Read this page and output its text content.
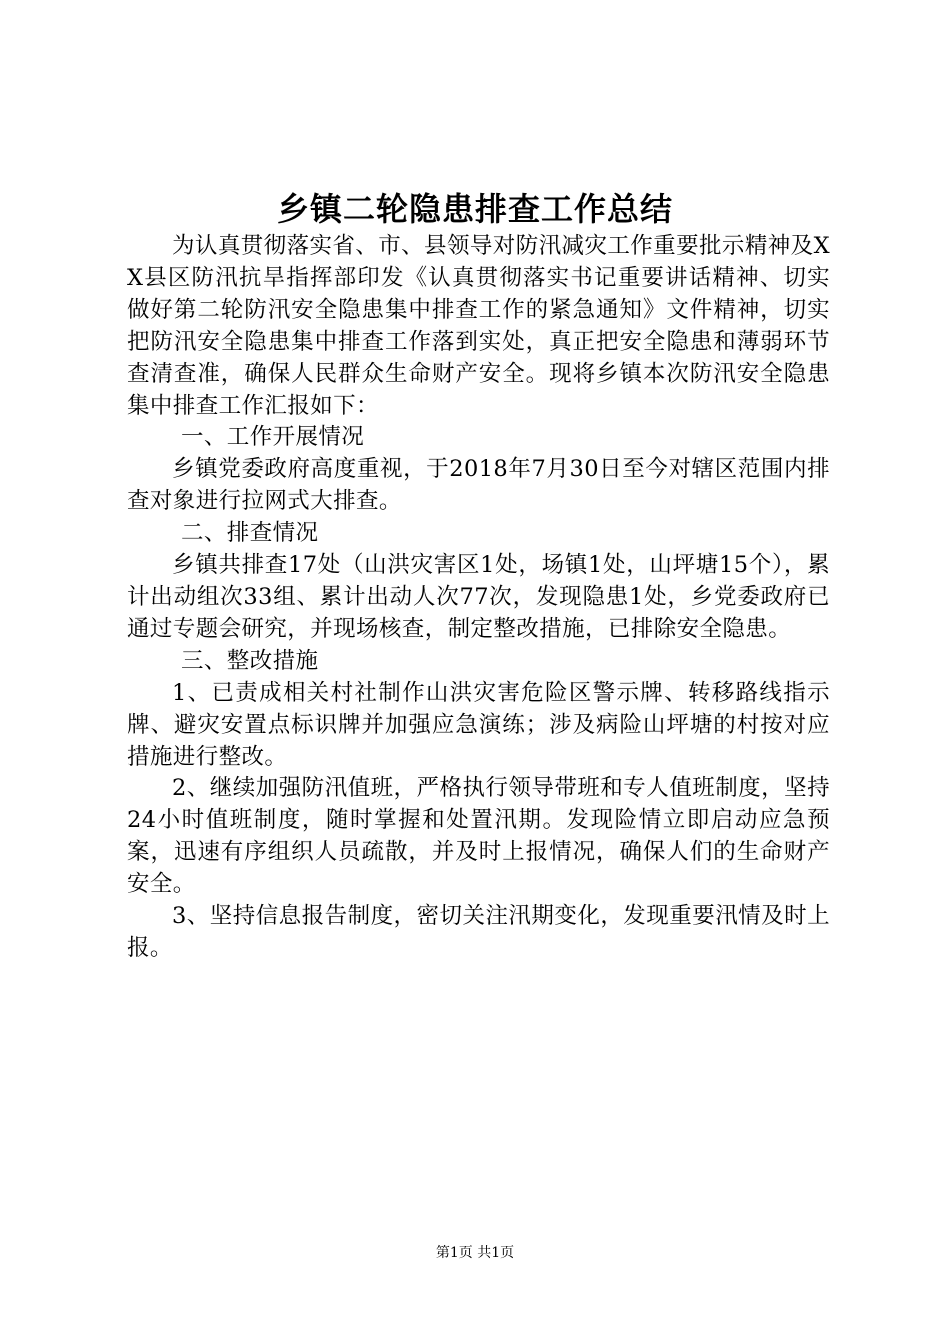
乡镇二轮隐患排查工作总结

为认真贯彻落实省、市、县领导对防汛减灾工作重要批示精神及XX县区防汛抗旱指挥部印发《认真贯彻落实书记重要讲话精神、切实做好第二轮防汛安全隐患集中排查工作的紧急通知》文件精神，切实把防汛安全隐患集中排查工作落到实处，真正把安全隐患和薄弱环节查清查准，确保人民群众生命财产安全。现将乡镇本次防汛安全隐患集中排查工作汇报如下：

一、工作开展情况

乡镇党委政府高度重视，于2018年7月30日至今对辖区范围内排查对象进行拉网式大排查。

二、排查情况

乡镇共排查17处（山洪灾害区1处，场镇1处，山坪塘15个），累计出动组次33组、累计出动人次77次，发现隐患1处，乡党委政府已通过专题会研究，并现场核查，制定整改措施，已排除安全隐患。

三、整改措施

1、已责成相关村社制作山洪灾害危险区警示牌、转移路线指示牌、避灾安置点标识牌并加强应急演练；涉及病险山坪塘的村按对应措施进行整改。

2、继续加强防汛值班，严格执行领导带班和专人值班制度，坚持24小时值班制度，随时掌握和处置汛期。发现险情立即启动应急预案，迅速有序组织人员疏散，并及时上报情况，确保人们的生命财产安全。

3、坚持信息报告制度，密切关注汛期变化，发现重要汛情及时上报。

第1页 共1页
